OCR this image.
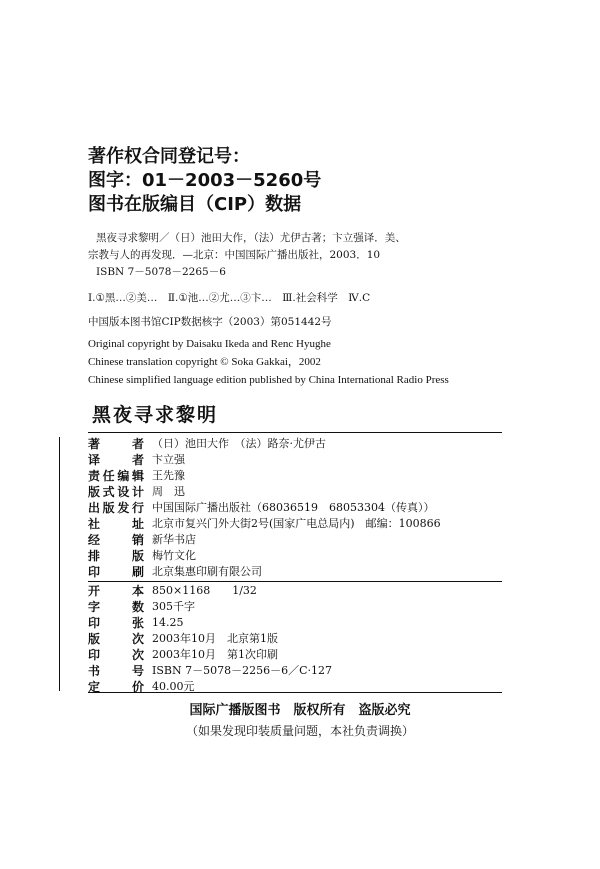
著作权合同登记号：
图字：01－2003－5260号
图书在版编目（CIP）数据
黑夜寻求黎明／（日）池田大作，（法）尤伊古著；卞立强译．美、
宗教与人的再发现．—北京：中国国际广播出版社，2003．10
ISBN 7－5078－2265－6
Ⅰ.①黑…②美…　Ⅱ.①池…②尤…③卞…　Ⅲ.社会科学　Ⅳ.C
中国版本图书馆CIP数据核字（2003）第051442号
Original copyright by Daisaku Ikeda and Renc Hyughe
Chinese translation copyright © Soka Gakkai，2002
Chinese simplified language edition published by China International Radio Press
黑夜寻求黎明
著	者 （日）池田大作　（法）路奈·尤伊古
译	者 卞立强
责 任 编 辑 王先豫
版 式 设 计 周　迅
出 版 发 行 中国国际广播出版社（68036519　68053304（传真））
社	址 北京市复兴门外大街2号(国家广电总局内)　邮编：100866
经	销 新华书店
排	版 梅竹文化
印	刷 北京集惠印刷有限公司
开	本 850×1168　　1/32
字	数 305千字
印	张 14.25
版	次 2003年10月　北京第1版
印	次 2003年10月　第1次印刷
书	号 ISBN 7－5078－2256－6／C·127
定	价 40.00元
国际广播版图书　版权所有　盗版必究
（如果发现印装质量问题，本社负责调换）
